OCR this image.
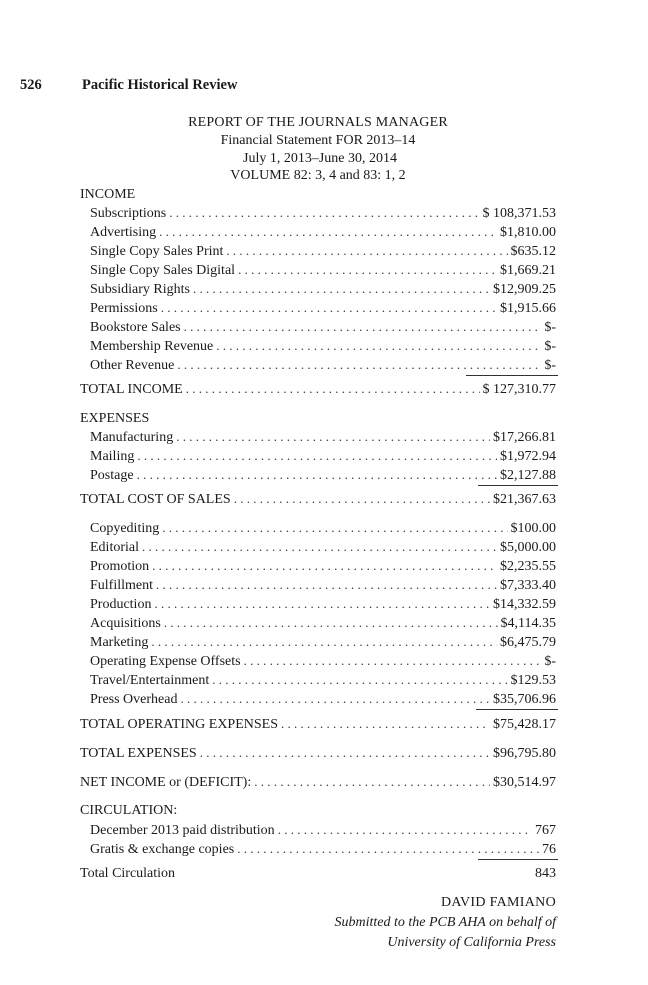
526	Pacific Historical Review
REPORT OF THE JOURNALS MANAGER
Financial Statement FOR 2013–14
July 1, 2013–June 30, 2014
VOLUME 82: 3, 4 and 83: 1, 2
INCOME
Subscriptions . . .	$ 108,371.53
Advertising . . .	$1,810.00
Single Copy Sales Print . . .	$635.12
Single Copy Sales Digital . . .	$1,669.21
Subsidiary Rights . . .	$12,909.25
Permissions . . .	$1,915.66
Bookstore Sales . . .	$-
Membership Revenue . . .	$-
Other Revenue . . .	$-
TOTAL INCOME . . .	$ 127,310.77
EXPENSES
Manufacturing . . .	$17,266.81
Mailing . . .	$1,972.94
Postage . . .	$2,127.88
TOTAL COST OF SALES . . .	$21,367.63
Copyediting . . .	$100.00
Editorial . . .	$5,000.00
Promotion . . .	$2,235.55
Fulfillment . . .	$7,333.40
Production . . .	$14,332.59
Acquisitions . . .	$4,114.35
Marketing . . .	$6,475.79
Operating Expense Offsets . . .	$-
Travel/Entertainment . . .	$129.53
Press Overhead . . .	$35,706.96
TOTAL OPERATING EXPENSES . . .	$75,428.17
TOTAL EXPENSES . . .	$96,795.80
NET INCOME or (DEFICIT): . . .	$30,514.97
CIRCULATION:
December 2013 paid distribution . . .	767
Gratis & exchange copies . . .	76
Total Circulation	843
DAVID FAMIANO
Submitted to the PCB AHA on behalf of
University of California Press
